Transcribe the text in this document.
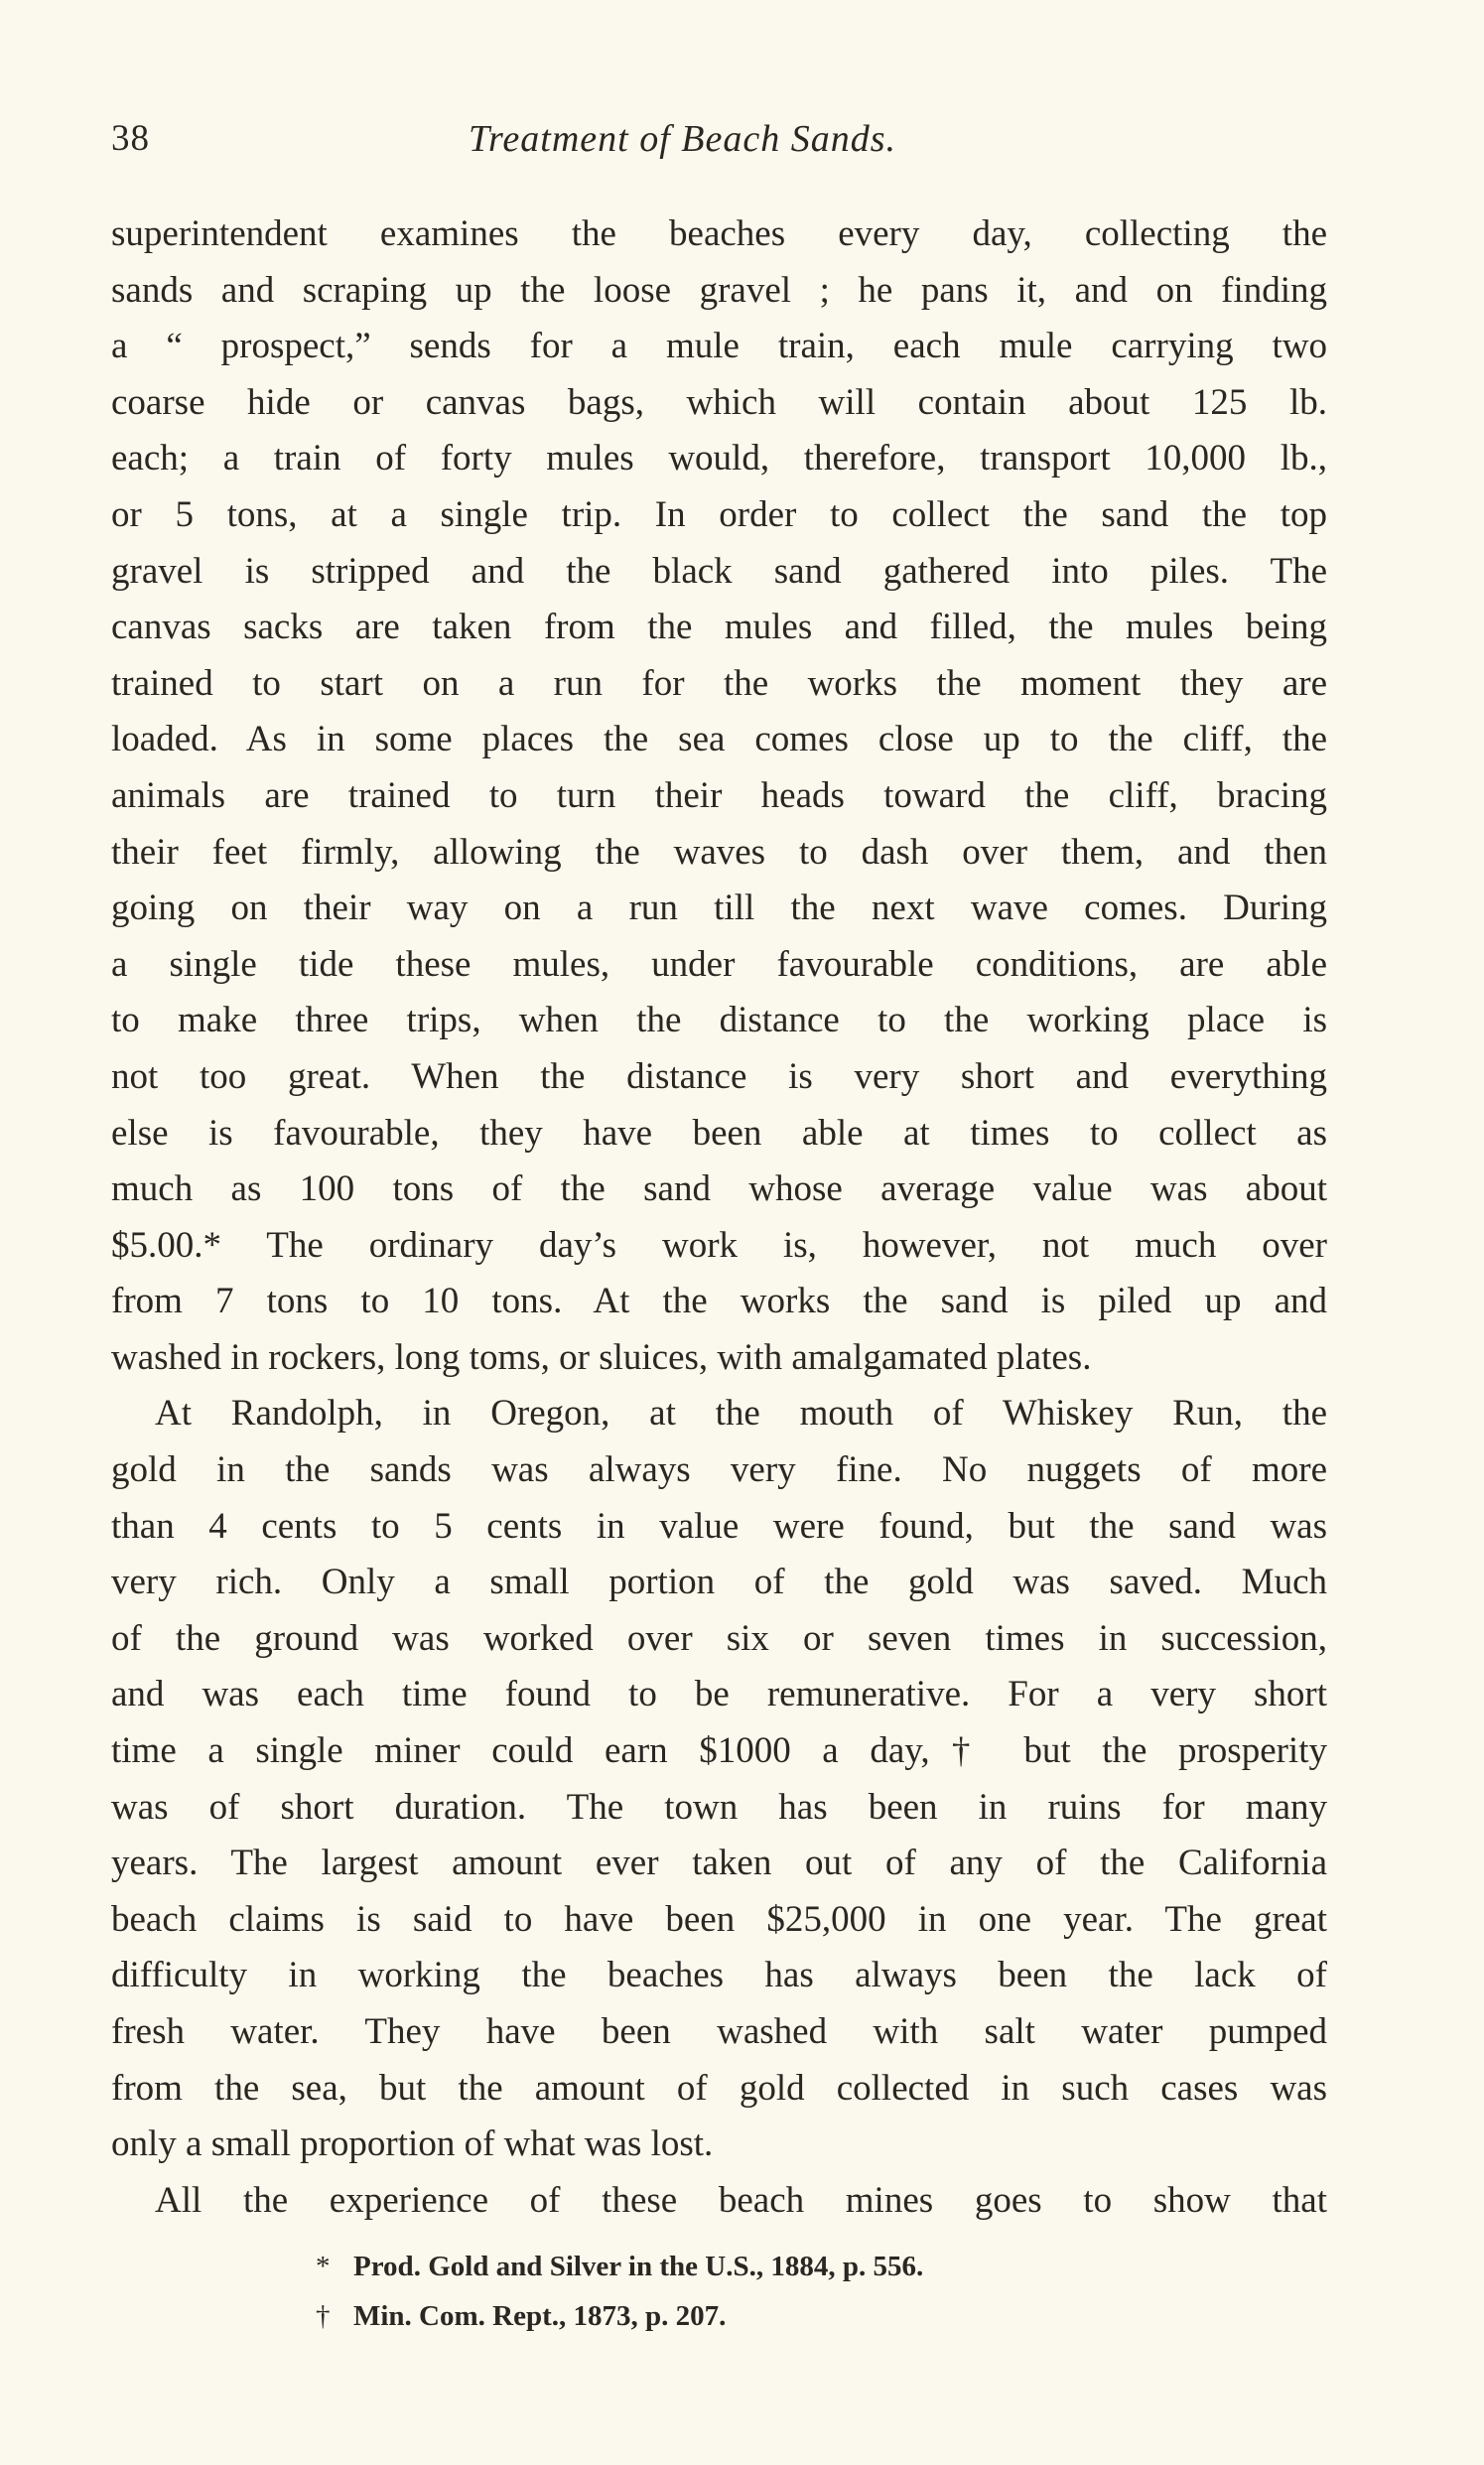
38	Treatment of Beach Sands.
superintendent examines the beaches every day, collecting the
sands and scraping up the loose gravel ; he pans it, and on finding
a “ prospect,” sends for a mule train, each mule carrying two
coarse hide or canvas bags, which will contain about 125 lb.
each; a train of forty mules would, therefore, transport 10,000 lb.,
or 5 tons, at a single trip. In order to collect the sand the top
gravel is stripped and the black sand gathered into piles. The
canvas sacks are taken from the mules and filled, the mules being
trained to start on a run for the works the moment they are
loaded. As in some places the sea comes close up to the cliff, the
animals are trained to turn their heads toward the cliff, bracing
their feet firmly, allowing the waves to dash over them, and then
going on their way on a run till the next wave comes. During
a single tide these mules, under favourable conditions, are able
to make three trips, when the distance to the working place is
not too great. When the distance is very short and everything
else is favourable, they have been able at times to collect as
much as 100 tons of the sand whose average value was about
$5.00.* The ordinary day’s work is, however, not much over
from 7 tons to 10 tons. At the works the sand is piled up and
washed in rockers, long toms, or sluices, with amalgamated plates.
At Randolph, in Oregon, at the mouth of Whiskey Run, the
gold in the sands was always very fine. No nuggets of more
than 4 cents to 5 cents in value were found, but the sand was
very rich. Only a small portion of the gold was saved. Much
of the ground was worked over six or seven times in succession,
and was each time found to be remunerative. For a very short
time a single miner could earn $1000 a day,† but the prosperity
was of short duration. The town has been in ruins for many
years. The largest amount ever taken out of any of the California
beach claims is said to have been $25,000 in one year. The great
difficulty in working the beaches has always been the lack of
fresh water. They have been washed with salt water pumped
from the sea, but the amount of gold collected in such cases was
only a small proportion of what was lost.
All the experience of these beach mines goes to show that
* Prod. Gold and Silver in the U.S., 1884, p. 556.
† Min. Com. Rept., 1873, p. 207.
